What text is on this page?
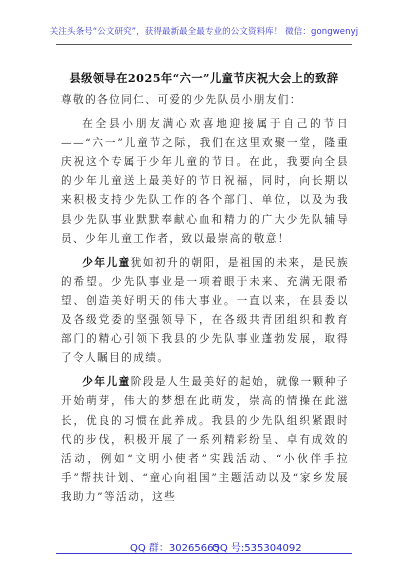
关注头条号“公文研究”，获得最新最全最专业的公文资料库！ 微信：gongwenyj
县级领导在2025年“六一”儿童节庆祝大会上的致辞

尊敬的各位同仁、可爱的少先队员小朋友们：

在全县小朋友满心欢喜地迎接属于自己的节日——“六一”儿童节之际，我们在这里欢聚一堂，隆重庆祝这个专属于少年儿童的节日。在此，我要向全县的少年儿童送上最美好的节日祝福，同时，向长期以来积极支持少先队工作的各个部门、单位，以及为我县少先队事业默默奉献心血和精力的广大少先队辅导员、少年儿童工作者，致以最崇高的敬意！

少年儿童犹如初升的朝阳，是祖国的未来，是民族的希望。少先队事业是一项着眼于未来、充满无限希望、创造美好明天的伟大事业。一直以来，在县委以及各级党委的坚强领导下，在各级共青团组织和教育部门的精心引领下我县的少先队事业蓬勃发展，取得了令人瞩目的成绩。

少年儿童阶段是人生最美好的起始，就像一颗种子开始萌芽，伟大的梦想在此萌发，崇高的情操在此滋长，优良的习惯在此养成。我县的少先队组织紧跟时代的步伐，积极开展了一系列精彩纷呈、卓有成效的活动，例如“文明小使者”实践活动、“小伙伴手拉手”帮扶计划、“童心向祖国”主题活动以及“家乡发展我助力”等活动，这些

QQ 群：30265665
QQ 号:535304092
